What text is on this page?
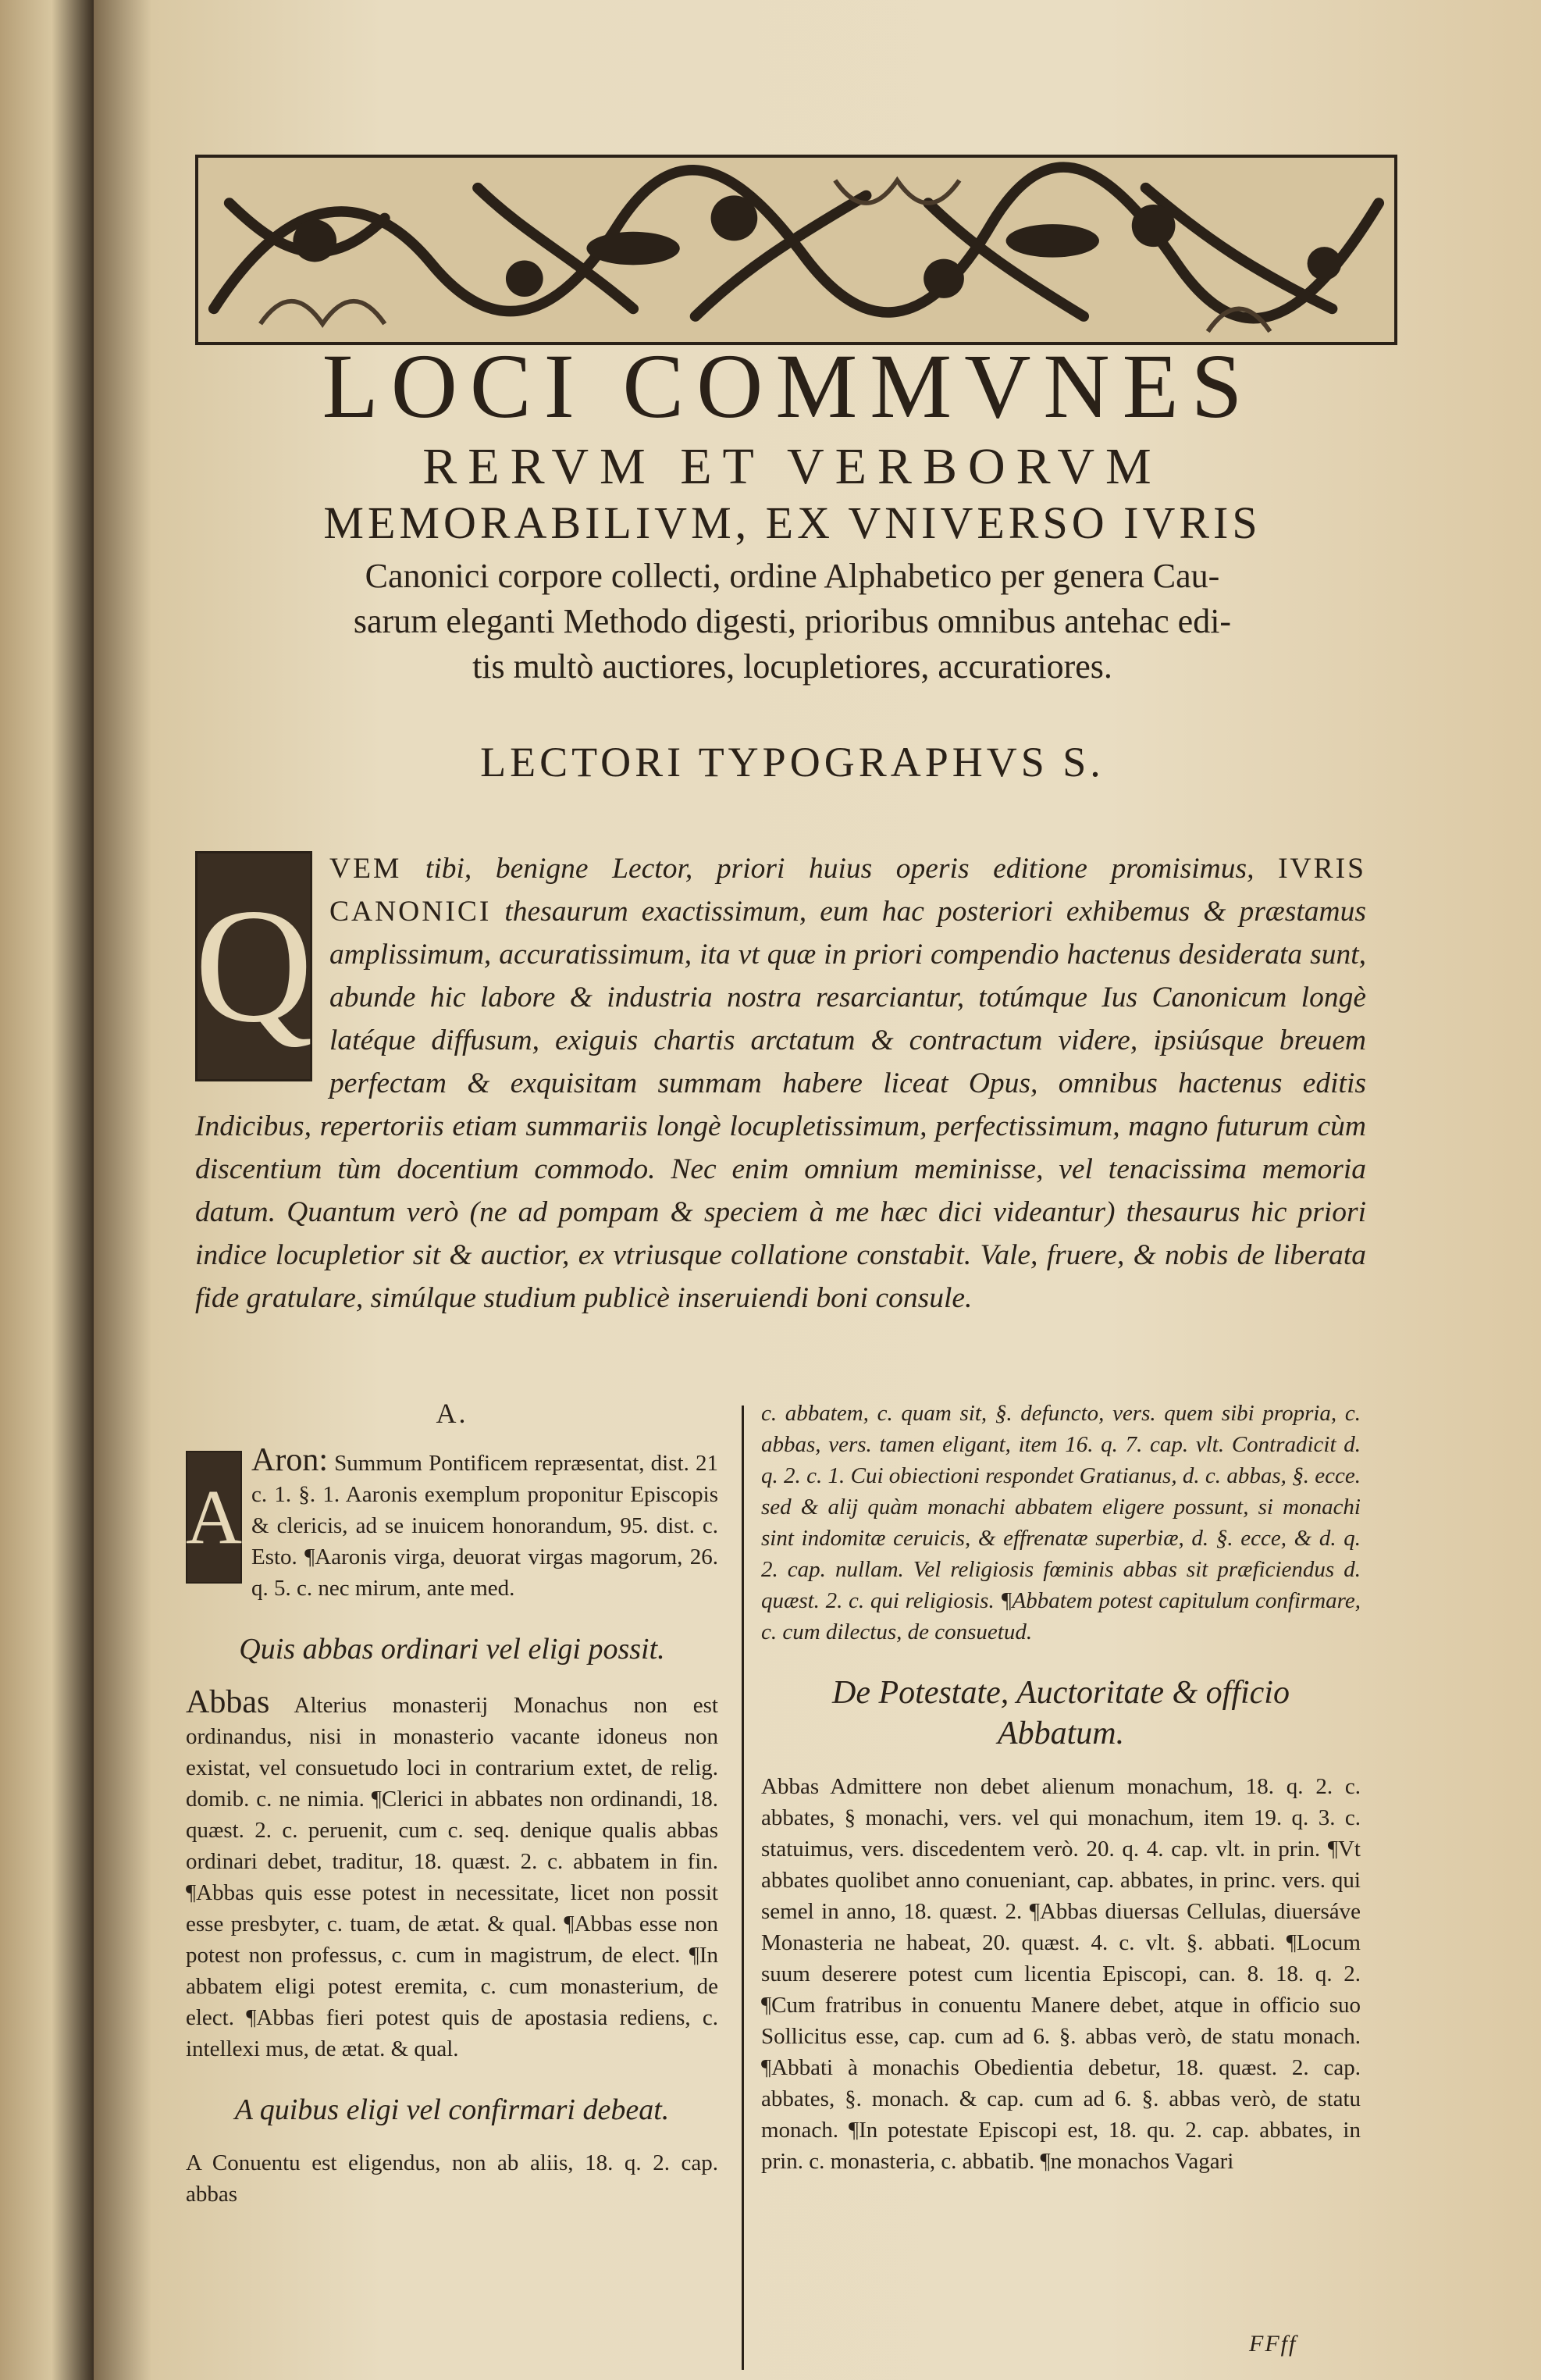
LOCI COMMVNES
RERVM ET VERBORVM
MEMORABILIVM, EX VNIVERSO IVRIS
Canonici corpore collecti, ordine Alphabetico per genera Cau-
sarum eleganti Methodo digesti, prioribus omnibus antehac edi-
tis multò auctiores, locupletiores, accuratiores.
LECTORI TYPOGRAPHVS S.
Q
VEM tibi, benigne Lector, priori huius operis editione promisimus, IVRIS CANONICI thesaurum exactissimum, eum hac posteriori exhibemus & præstamus amplissimum, accuratissimum, ita vt quæ in priori compendio hactenus desiderata sunt, abunde hic labore & industria nostra resarciantur, totúmque Ius Canonicum longè latéque diffusum, exiguis chartis arctatum & contractum videre, ipsiúsque breuem perfectam & exquisitam summam habere liceat Opus, omnibus hactenus editis Indicibus, repertoriis etiam summariis longè locupletissimum, perfectissimum, magno futurum cùm discentium tùm docentium commodo. Nec enim omnium meminisse, vel tenacissima memoria datum. Quantum verò (ne ad pompam & speciem à me hæc dici videantur) thesaurus hic priori indice locupletior sit & auctior, ex vtriusque collatione constabit. Vale, fruere, & nobis de liberata fide gratulare, simúlque studium publicè inseruiendi boni consule.
A.
A
Aron: Summum Pontificem repræsentat, dist. 21 c. 1. §. 1. Aaronis exemplum proponitur Episcopis & clericis, ad se inuicem honorandum, 95. dist. c. Esto. ¶Aaronis virga, deuorat virgas magorum, 26. q. 5. c. nec mirum, ante med.
Quis abbas ordinari vel eligi possit.
Abbas Alterius monasterij Monachus non est ordinandus, nisi in monasterio vacante idoneus non existat, vel consuetudo loci in contrarium extet, de relig. domib. c. ne nimia. ¶Clerici in abbates non ordinandi, 18. quæst. 2. c. peruenit, cum c. seq. denique qualis abbas ordinari debet, traditur, 18. quæst. 2. c. abbatem in fin. ¶Abbas quis esse potest in necessitate, licet non possit esse presbyter, c. tuam, de ætat. & qual. ¶Abbas esse non potest non professus, c. cum in magistrum, de elect. ¶In abbatem eligi potest eremita, c. cum monasterium, de elect. ¶Abbas fieri potest quis de apostasia rediens, c. intellexi mus, de ætat. & qual.
A quibus eligi vel confirmari debeat.
A Conuentu est eligendus, non ab aliis, 18. q. 2. cap. abbas
c. abbatem, c. quam sit, §. defuncto, vers. quem sibi propria, c. abbas, vers. tamen eligant, item 16. q. 7. cap. vlt. Contradicit d. q. 2. c. 1. Cui obiectioni respondet Gratianus, d. c. abbas, §. ecce. sed & alij quàm monachi abbatem eligere possunt, si monachi sint indomitæ ceruicis, & effrenatæ superbiæ, d. §. ecce, & d. q. 2. cap. nullam. Vel religiosis fœminis abbas sit præficiendus d. quæst. 2. c. qui religiosis. ¶Abbatem potest capitulum confirmare, c. cum dilectus, de consuetud.
De Potestate, Auctoritate & officio
Abbatum.
Abbas Admittere non debet alienum monachum, 18. q. 2. c. abbates, § monachi, vers. vel qui monachum, item 19. q. 3. c. statuimus, vers. discedentem verò. 20. q. 4. cap. vlt. in prin. ¶Vt abbates quolibet anno conueniant, cap. abbates, in princ. vers. qui semel in anno, 18. quæst. 2. ¶Abbas diuersas Cellulas, diuersáve Monasteria ne habeat, 20. quæst. 4. c. vlt. §. abbati. ¶Locum suum deserere potest cum licentia Episcopi, can. 8. 18. q. 2. ¶Cum fratribus in conuentu Manere debet, atque in officio suo Sollicitus esse, cap. cum ad 6. §. abbas verò, de statu monach. ¶Abbati à monachis Obedientia debetur, 18. quæst. 2. cap. abbates, §. monach. & cap. cum ad 6. §. abbas verò, de statu monach. ¶In potestate Episcopi est, 18. qu. 2. cap. abbates, in prin. c. monasteria, c. abbatib. ¶ne monachos Vagari
FFff
